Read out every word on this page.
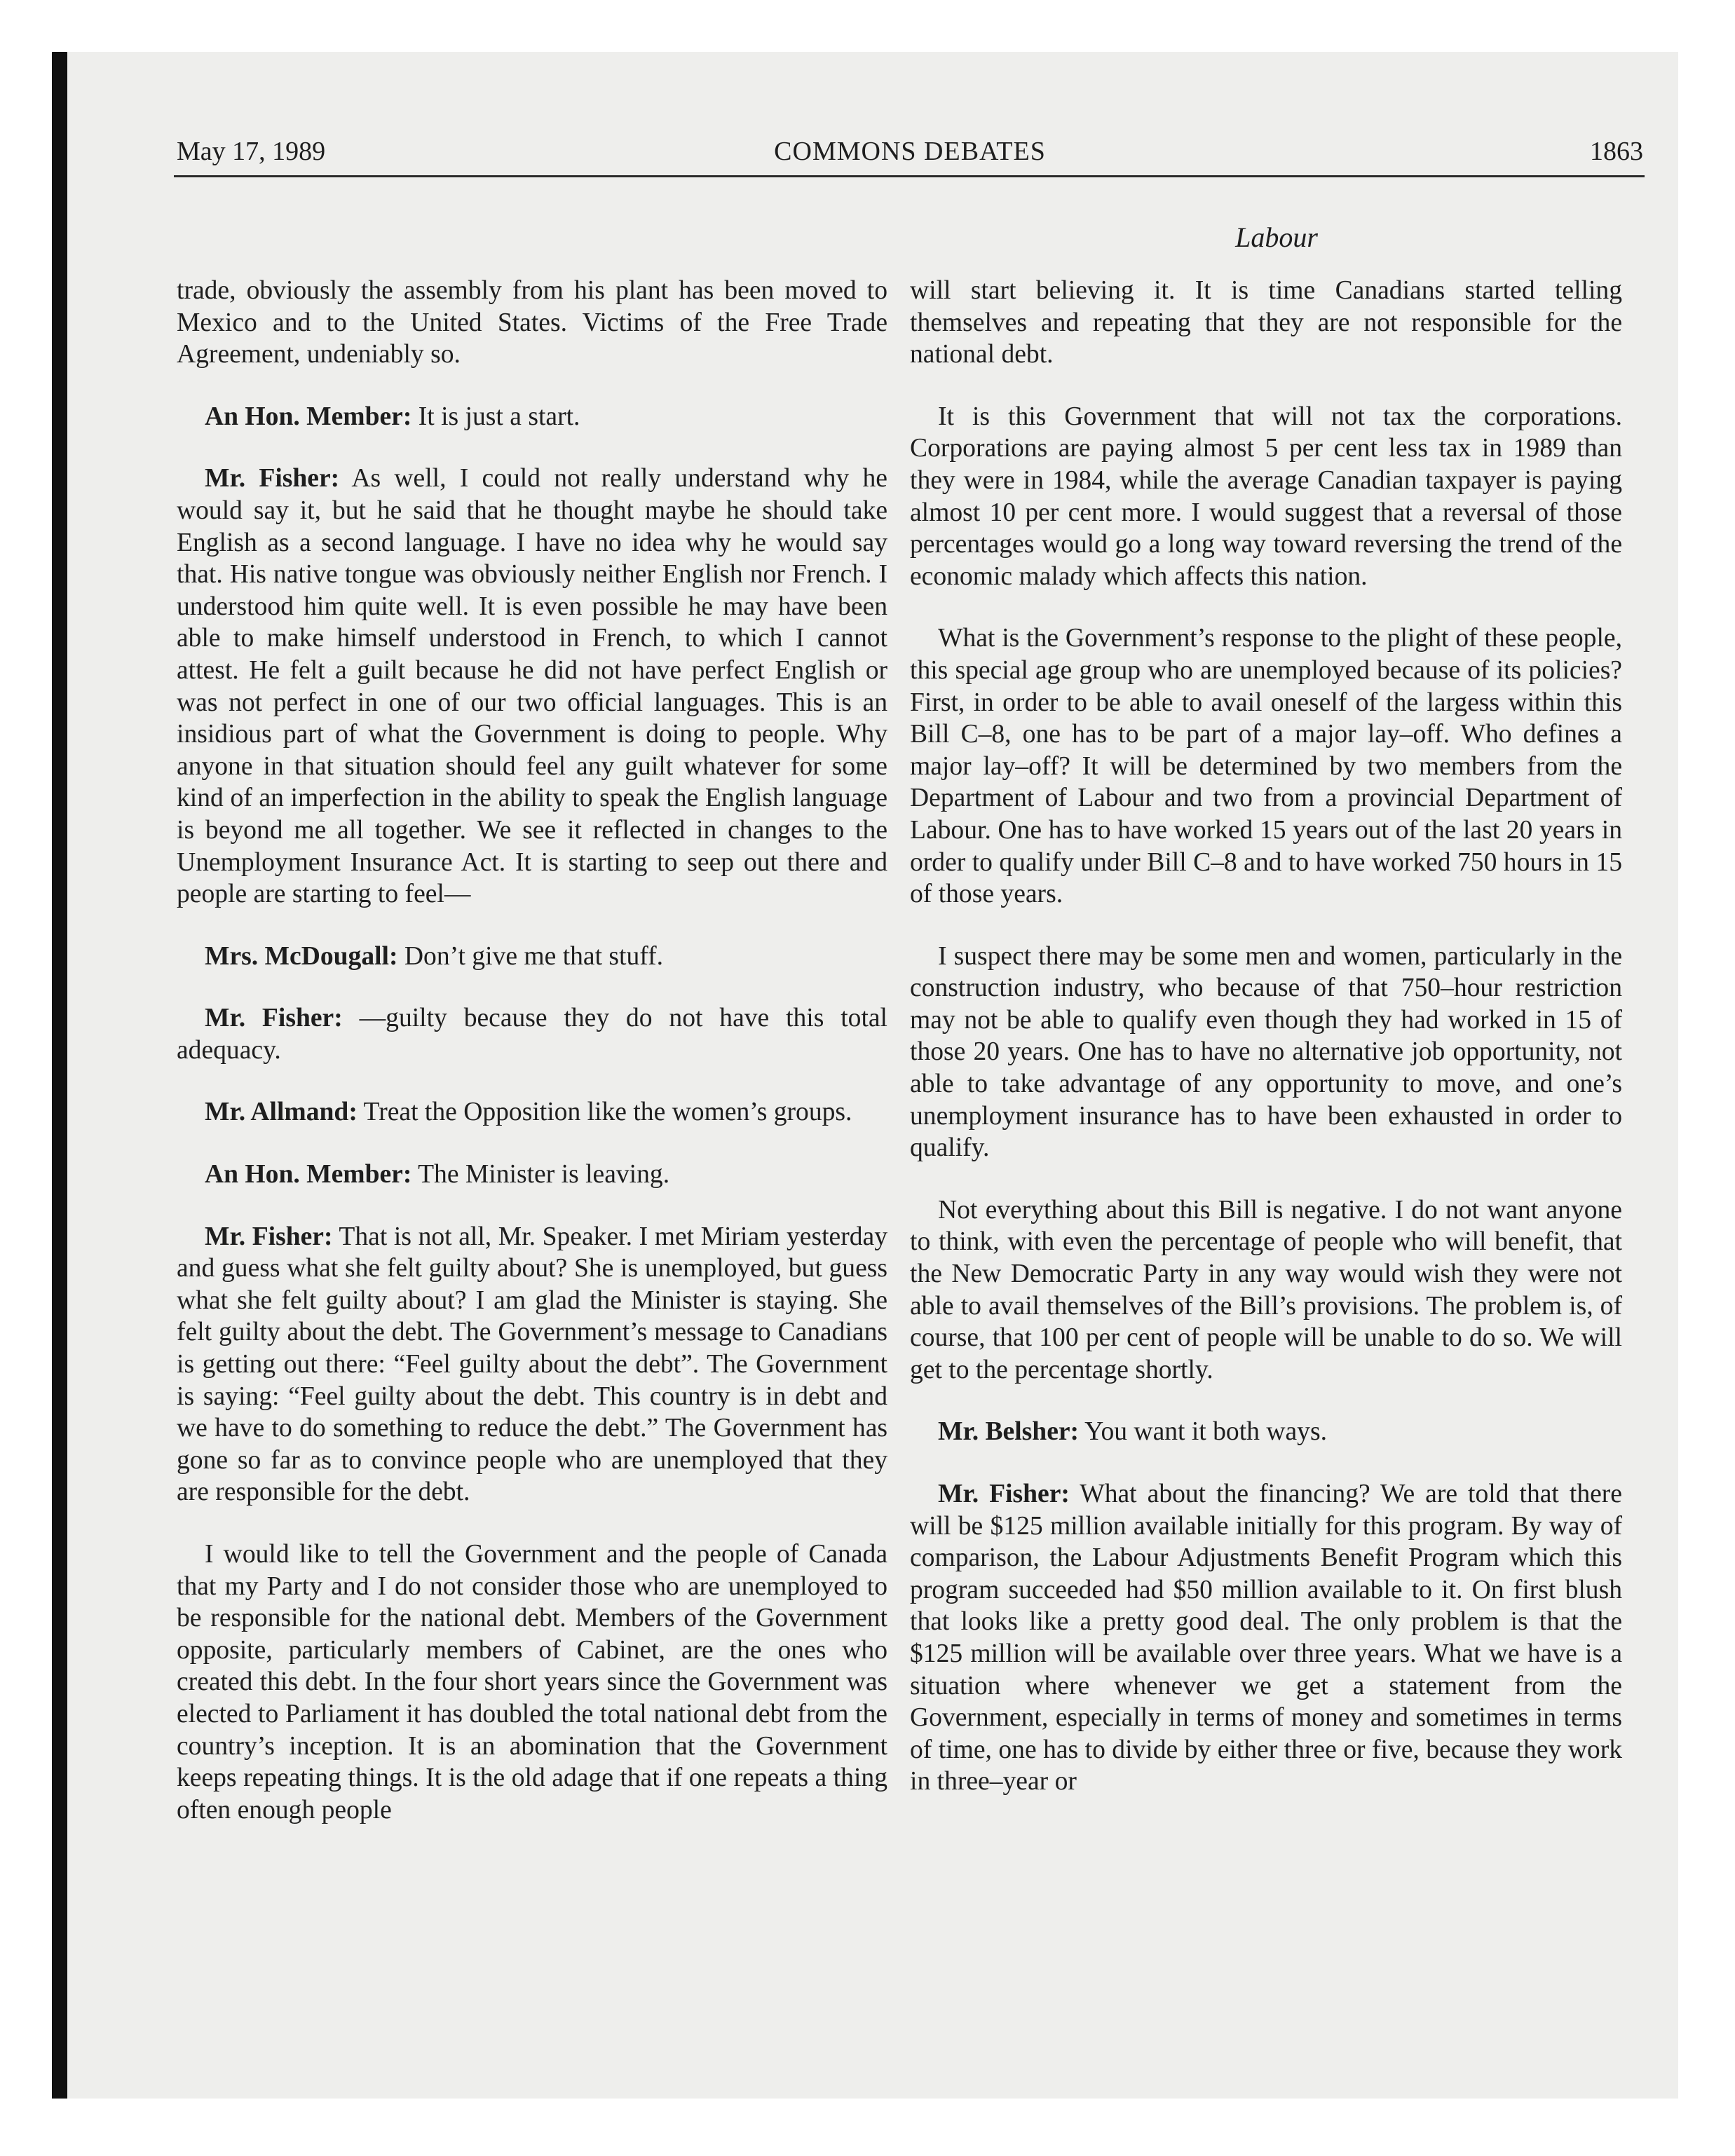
May 17, 1989	COMMONS DEBATES	1863
Labour

trade, obviously the assembly from his plant has been moved to Mexico and to the United States. Victims of the Free Trade Agreement, undeniably so.

An Hon. Member: It is just a start.

Mr. Fisher: As well, I could not really understand why he would say it, but he said that he thought maybe he should take English as a second language. I have no idea why he would say that. His native tongue was obviously neither English nor French. I understood him quite well. It is even possible he may have been able to make himself understood in French, to which I cannot attest. He felt a guilt because he did not have perfect English or was not perfect in one of our two official languages. This is an insidious part of what the Government is doing to people. Why anyone in that situation should feel any guilt whatever for some kind of an imperfection in the ability to speak the English language is beyond me all together. We see it reflected in changes to the Unemployment Insurance Act. It is starting to seep out there and people are starting to feel—

Mrs. McDougall: Don’t give me that stuff.

Mr. Fisher: —guilty because they do not have this total adequacy.

Mr. Allmand: Treat the Opposition like the women’s groups.

An Hon. Member: The Minister is leaving.

Mr. Fisher: That is not all, Mr. Speaker. I met Miriam yesterday and guess what she felt guilty about? She is unemployed, but guess what she felt guilty about? I am glad the Minister is staying. She felt guilty about the debt. The Government’s message to Canadians is getting out there: “Feel guilty about the debt”. The Government is saying: “Feel guilty about the debt. This country is in debt and we have to do something to reduce the debt.” The Government has gone so far as to convince people who are unemployed that they are responsible for the debt.

I would like to tell the Government and the people of Canada that my Party and I do not consider those who are unemployed to be responsible for the national debt. Members of the Government opposite, particularly members of Cabinet, are the ones who created this debt. In the four short years since the Government was elected to Parliament it has doubled the total national debt from the country’s inception. It is an abomination that the Government keeps repeating things. It is the old adage that if one repeats a thing often enough people

will start believing it. It is time Canadians started telling themselves and repeating that they are not responsible for the national debt.

It is this Government that will not tax the corporations. Corporations are paying almost 5 per cent less tax in 1989 than they were in 1984, while the average Canadian taxpayer is paying almost 10 per cent more. I would suggest that a reversal of those percentages would go a long way toward reversing the trend of the economic malady which affects this nation.

What is the Government’s response to the plight of these people, this special age group who are unemployed because of its policies? First, in order to be able to avail oneself of the largess within this Bill C–8, one has to be part of a major lay–off. Who defines a major lay–off? It will be determined by two members from the Department of Labour and two from a provincial Department of Labour. One has to have worked 15 years out of the last 20 years in order to qualify under Bill C–8 and to have worked 750 hours in 15 of those years.

I suspect there may be some men and women, particularly in the construction industry, who because of that 750–hour restriction may not be able to qualify even though they had worked in 15 of those 20 years. One has to have no alternative job opportunity, not able to take advantage of any opportunity to move, and one’s unemployment insurance has to have been exhausted in order to qualify.

Not everything about this Bill is negative. I do not want anyone to think, with even the percentage of people who will benefit, that the New Democratic Party in any way would wish they were not able to avail themselves of the Bill’s provisions. The problem is, of course, that 100 per cent of people will be unable to do so. We will get to the percentage shortly.

Mr. Belsher: You want it both ways.

Mr. Fisher: What about the financing? We are told that there will be $125 million available initially for this program. By way of comparison, the Labour Adjustments Benefit Program which this program succeeded had $50 million available to it. On first blush that looks like a pretty good deal. The only problem is that the $125 million will be available over three years. What we have is a situation where whenever we get a statement from the Government, especially in terms of money and sometimes in terms of time, one has to divide by either three or five, because they work in three–year or
